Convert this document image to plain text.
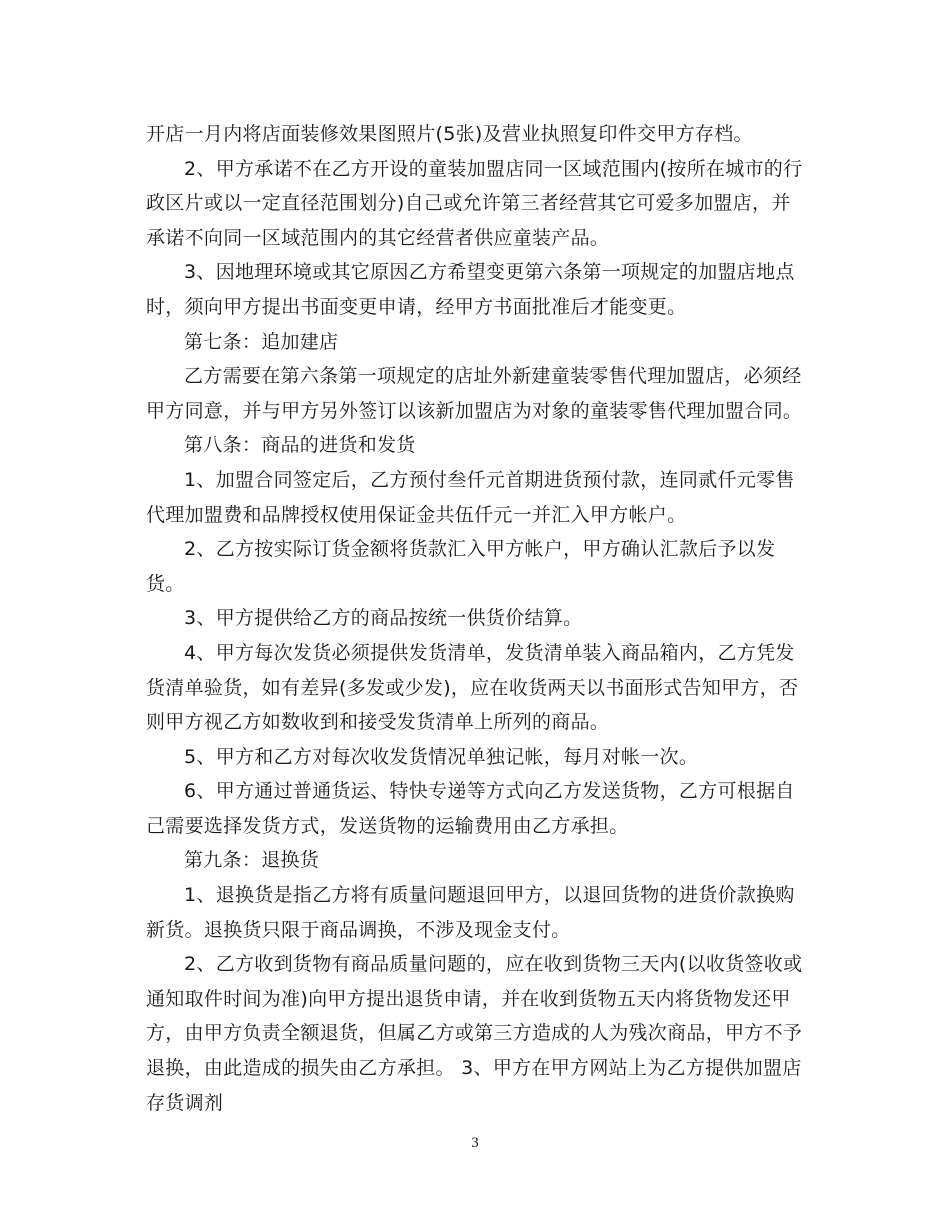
开店一月内将店面装修效果图照片(5张)及营业执照复印件交甲方存档。

2、甲方承诺不在乙方开设的童装加盟店同一区域范围内(按所在城市的行政区片或以一定直径范围划分)自己或允许第三者经营其它可爱多加盟店，并承诺不向同一区域范围内的其它经营者供应童装产品。

3、因地理环境或其它原因乙方希望变更第六条第一项规定的加盟店地点时，须向甲方提出书面变更申请，经甲方书面批准后才能变更。

第七条：追加建店

乙方需要在第六条第一项规定的店址外新建童装零售代理加盟店，必须经甲方同意，并与甲方另外签订以该新加盟店为对象的童装零售代理加盟合同。

第八条：商品的进货和发货

1、加盟合同签定后，乙方预付叁仟元首期进货预付款，连同贰仟元零售代理加盟费和品牌授权使用保证金共伍仟元一并汇入甲方帐户。

2、乙方按实际订货金额将货款汇入甲方帐户，甲方确认汇款后予以发货。

3、甲方提供给乙方的商品按统一供货价结算。

4、甲方每次发货必须提供发货清单，发货清单装入商品箱内，乙方凭发货清单验货，如有差异(多发或少发)，应在收货两天以书面形式告知甲方，否则甲方视乙方如数收到和接受发货清单上所列的商品。

5、甲方和乙方对每次收发货情况单独记帐，每月对帐一次。

6、甲方通过普通货运、特快专递等方式向乙方发送货物，乙方可根据自己需要选择发货方式，发送货物的运输费用由乙方承担。

第九条：退换货

1、退换货是指乙方将有质量问题退回甲方，以退回货物的进货价款换购新货。退换货只限于商品调换，不涉及现金支付。

2、乙方收到货物有商品质量问题的，应在收到货物三天内(以收货签收或通知取件时间为准)向甲方提出退货申请，并在收到货物五天内将货物发还甲方，由甲方负责全额退货，但属乙方或第三方造成的人为残次商品，甲方不予退换，由此造成的损失由乙方承担。 3、甲方在甲方网站上为乙方提供加盟店存货调剂

3
